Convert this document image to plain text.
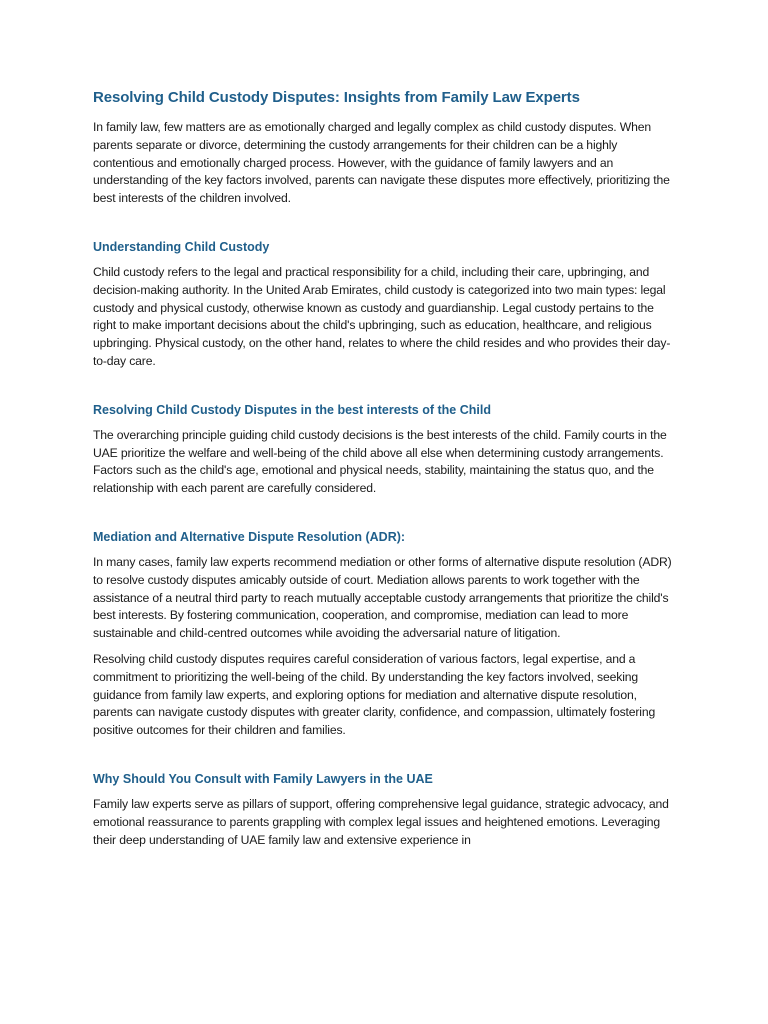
Resolving Child Custody Disputes: Insights from Family Law Experts

In family law, few matters are as emotionally charged and legally complex as child custody disputes. When parents separate or divorce, determining the custody arrangements for their children can be a highly contentious and emotionally charged process. However, with the guidance of family lawyers and an understanding of the key factors involved, parents can navigate these disputes more effectively, prioritizing the best interests of the children involved.

Understanding Child Custody

Child custody refers to the legal and practical responsibility for a child, including their care, upbringing, and decision-making authority. In the United Arab Emirates, child custody is categorized into two main types: legal custody and physical custody, otherwise known as custody and guardianship. Legal custody pertains to the right to make important decisions about the child's upbringing, such as education, healthcare, and religious upbringing. Physical custody, on the other hand, relates to where the child resides and who provides their day-to-day care.

Resolving Child Custody Disputes in the best interests of the Child

The overarching principle guiding child custody decisions is the best interests of the child. Family courts in the UAE prioritize the welfare and well-being of the child above all else when determining custody arrangements. Factors such as the child's age, emotional and physical needs, stability, maintaining the status quo, and the relationship with each parent are carefully considered.

Mediation and Alternative Dispute Resolution (ADR):

In many cases, family law experts recommend mediation or other forms of alternative dispute resolution (ADR) to resolve custody disputes amicably outside of court. Mediation allows parents to work together with the assistance of a neutral third party to reach mutually acceptable custody arrangements that prioritize the child's best interests. By fostering communication, cooperation, and compromise, mediation can lead to more sustainable and child-centred outcomes while avoiding the adversarial nature of litigation.

Resolving child custody disputes requires careful consideration of various factors, legal expertise, and a commitment to prioritizing the well-being of the child. By understanding the key factors involved, seeking guidance from family law experts, and exploring options for mediation and alternative dispute resolution, parents can navigate custody disputes with greater clarity, confidence, and compassion, ultimately fostering positive outcomes for their children and families.

Why Should You Consult with Family Lawyers in the UAE

Family law experts serve as pillars of support, offering comprehensive legal guidance, strategic advocacy, and emotional reassurance to parents grappling with complex legal issues and heightened emotions. Leveraging their deep understanding of UAE family law and extensive experience in
